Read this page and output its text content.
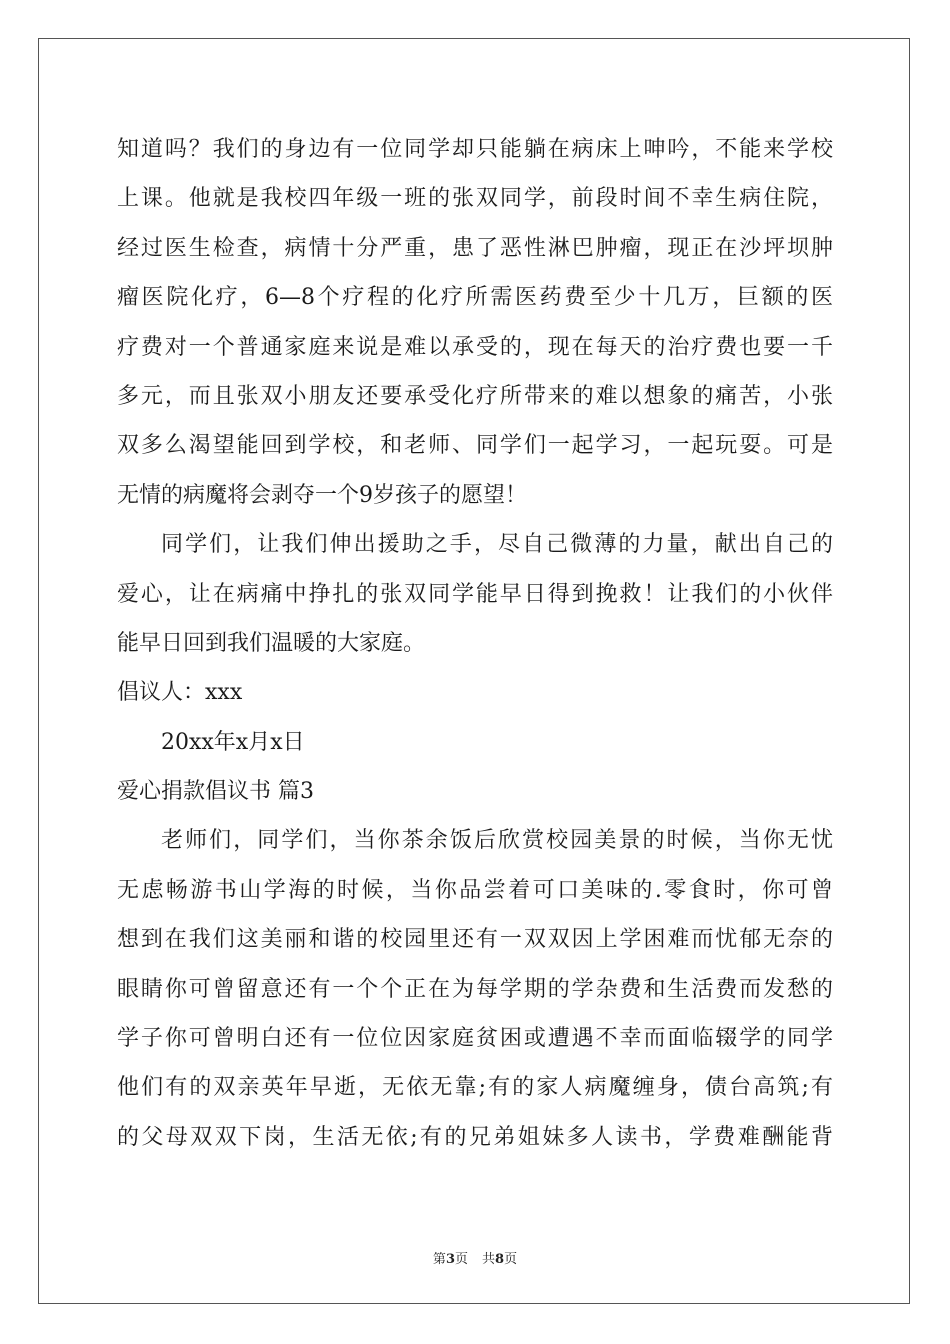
知道吗？我们的身边有一位同学却只能躺在病床上呻吟，不能来学校
上课。他就是我校四年级一班的张双同学，前段时间不幸生病住院，
经过医生检查，病情十分严重，患了恶性淋巴肿瘤，现正在沙坪坝肿
瘤医院化疗，6—8个疗程的化疗所需医药费至少十几万，巨额的医
疗费对一个普通家庭来说是难以承受的，现在每天的治疗费也要一千
多元，而且张双小朋友还要承受化疗所带来的难以想象的痛苦，小张
双多么渴望能回到学校，和老师、同学们一起学习，一起玩耍。可是
无情的病魔将会剥夺一个9岁孩子的愿望！
同学们，让我们伸出援助之手，尽自己微薄的力量，献出自己的
爱心，让在病痛中挣扎的张双同学能早日得到挽救！让我们的小伙伴
能早日回到我们温暖的大家庭。
倡议人：xxx
20xx年x月x日
爱心捐款倡议书 篇3
老师们，同学们，当你茶余饭后欣赏校园美景的时候，当你无忧
无虑畅游书山学海的时候，当你品尝着可口美味的.零食时，你可曾
想到在我们这美丽和谐的校园里还有一双双因上学困难而忧郁无奈的
眼睛你可曾留意还有一个个正在为每学期的学杂费和生活费而发愁的
学子你可曾明白还有一位位因家庭贫困或遭遇不幸而面临辍学的同学
他们有的双亲英年早逝，无依无靠;有的家人病魔缠身，债台高筑;有
的父母双双下岗，生活无依;有的兄弟姐妹多人读书，学费难酬能背
第3页 共8页
